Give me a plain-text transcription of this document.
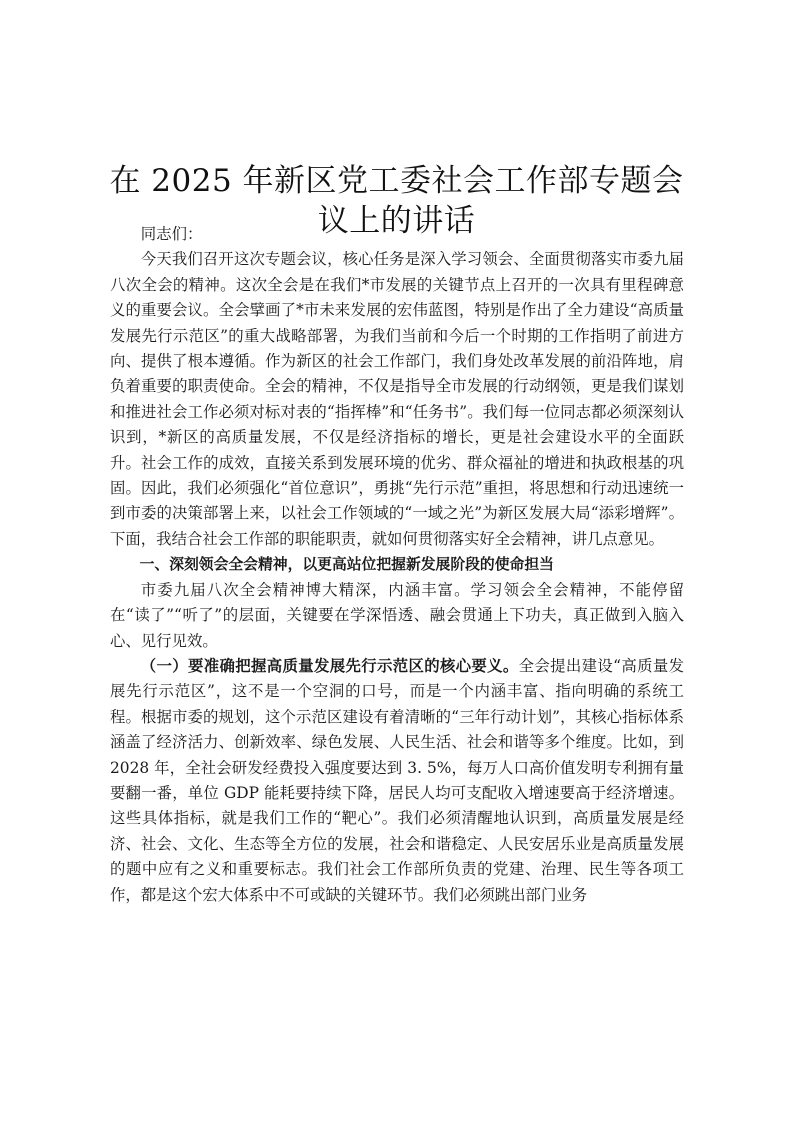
在 2025 年新区党工委社会工作部专题会议上的讲话

同志们：

今天我们召开这次专题会议，核心任务是深入学习领会、全面贯彻落实市委九届八次全会的精神。这次全会是在我们*市发展的关键节点上召开的一次具有里程碑意义的重要会议。全会擘画了*市未来发展的宏伟蓝图，特别是作出了全力建设“高质量发展先行示范区”的重大战略部署，为我们当前和今后一个时期的工作指明了前进方向、提供了根本遵循。作为新区的社会工作部门，我们身处改革发展的前沿阵地，肩负着重要的职责使命。全会的精神，不仅是指导全市发展的行动纲领，更是我们谋划和推进社会工作必须对标对表的“指挥棒”和“任务书”。我们每一位同志都必须深刻认识到，*新区的高质量发展，不仅是经济指标的增长，更是社会建设水平的全面跃升。社会工作的成效，直接关系到发展环境的优劣、群众福祉的增进和执政根基的巩固。因此，我们必须强化“首位意识”，勇挑“先行示范”重担，将思想和行动迅速统一到市委的决策部署上来，以社会工作领域的“一域之光”为新区发展大局“添彩增辉”。下面，我结合社会工作部的职能职责，就如何贯彻落实好全会精神，讲几点意见。

一、深刻领会全会精神，以更高站位把握新发展阶段的使命担当

市委九届八次全会精神博大精深，内涵丰富。学习领会全会精神，不能停留在“读了”“听了”的层面，关键要在学深悟透、融会贯通上下功夫，真正做到入脑入心、见行见效。

（一）要准确把握高质量发展先行示范区的核心要义。全会提出建设“高质量发展先行示范区”，这不是一个空洞的口号，而是一个内涵丰富、指向明确的系统工程。根据市委的规划，这个示范区建设有着清晰的“三年行动计划”，其核心指标体系涵盖了经济活力、创新效率、绿色发展、人民生活、社会和谐等多个维度。比如，到 2028 年，全社会研发经费投入强度要达到 3. 5%，每万人口高价值发明专利拥有量要翻一番，单位 GDP 能耗要持续下降，居民人均可支配收入增速要高于经济增速。这些具体指标，就是我们工作的“靶心”。我们必须清醒地认识到，高质量发展是经济、社会、文化、生态等全方位的发展，社会和谐稳定、人民安居乐业是高质量发展的题中应有之义和重要标志。我们社会工作部所负责的党建、治理、民生等各项工作，都是这个宏大体系中不可或缺的关键环节。我们必须跳出部门业务
